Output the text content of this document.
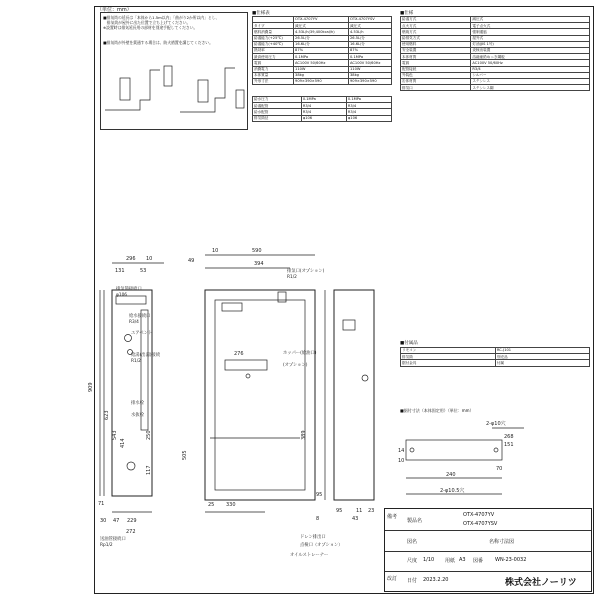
（単位：mm）
■排気筒の延長は「本体から1.5m以内」「曲がり2か所以内」とし、
　排気筒が屋外に出た位置で立ち上げてください。
※設置時は排気延長用の部材を別途手配してください。
■排気筒が外壁を貫通する場合は、防火措置を講じてください。
■仕様表
	OTX-4707YV	OTX-4707YSV
タイプ	減圧式	減圧式
燃料消費量	4.53L/h(39,400kcal/h)	4.53L/h
給湯能力(+25℃)	26.5L/分	26.5L/分
給湯能力(+40℃)	16.6L/分	16.6L/分
熱効率	87%	87%
最高使用圧力	0.1MPa	0.1MPa
電源	AC100V 50/60Hz	AC100V 50/60Hz
消費電力	110W	110W
本体質量	38kg	38kg
外形寸法	909×390×590	909×390×590
給水圧力	0.1MPa	0.1MPa
給湯配管	R3/4	R3/4
給水配管	R3/4	R3/4
排気筒径	φ106	φ106
■仕様
給湯方式	減圧式
点火方式	電子点火式
燃焼方式	強制通風
給排気方式	屋外式
使用燃料	灯油(JIS 1号)
安全装置	炎検出装置
本体材質	溶融亜鉛めっき鋼板
電源	AC100V 50/60Hz
配管接続	R3/4
外装色	シルバー
缶体材質	ステンレス
排気口	ステンレス鋼
■付属品
リモコン	RC-J101
排気筒	別売品
据付金具	付属
■据付寸法（本体固定用）（単位：mm）
296 10
131	53
909
623
543
414
250
117
71
30 47 229
272
590
10
394
49
276
330
25
505
389
95
8
11 23
43
95
2-φ10穴
268
151
240
70
2-φ10.5穴
14
10
排気筒接続口
φ106
給水接続口
R3/4
エアベント
給湯(出湯)接続
R1/2
排水栓
水抜栓
送油管接続口
Rp1/2
排気口(オプション)
R1/2
ホッパー(給油口)
(オプション)
ドレン排出口
点検口（オプション）
オイルストレーナー
備考
改訂
製品名
OTX-4707YV
OTX-4707YSV
図名	名称寸法図
尺度 1/10 用紙 A3 図番 WN-23-0032
日付 2023.2.20	株式会社ノーリツ
